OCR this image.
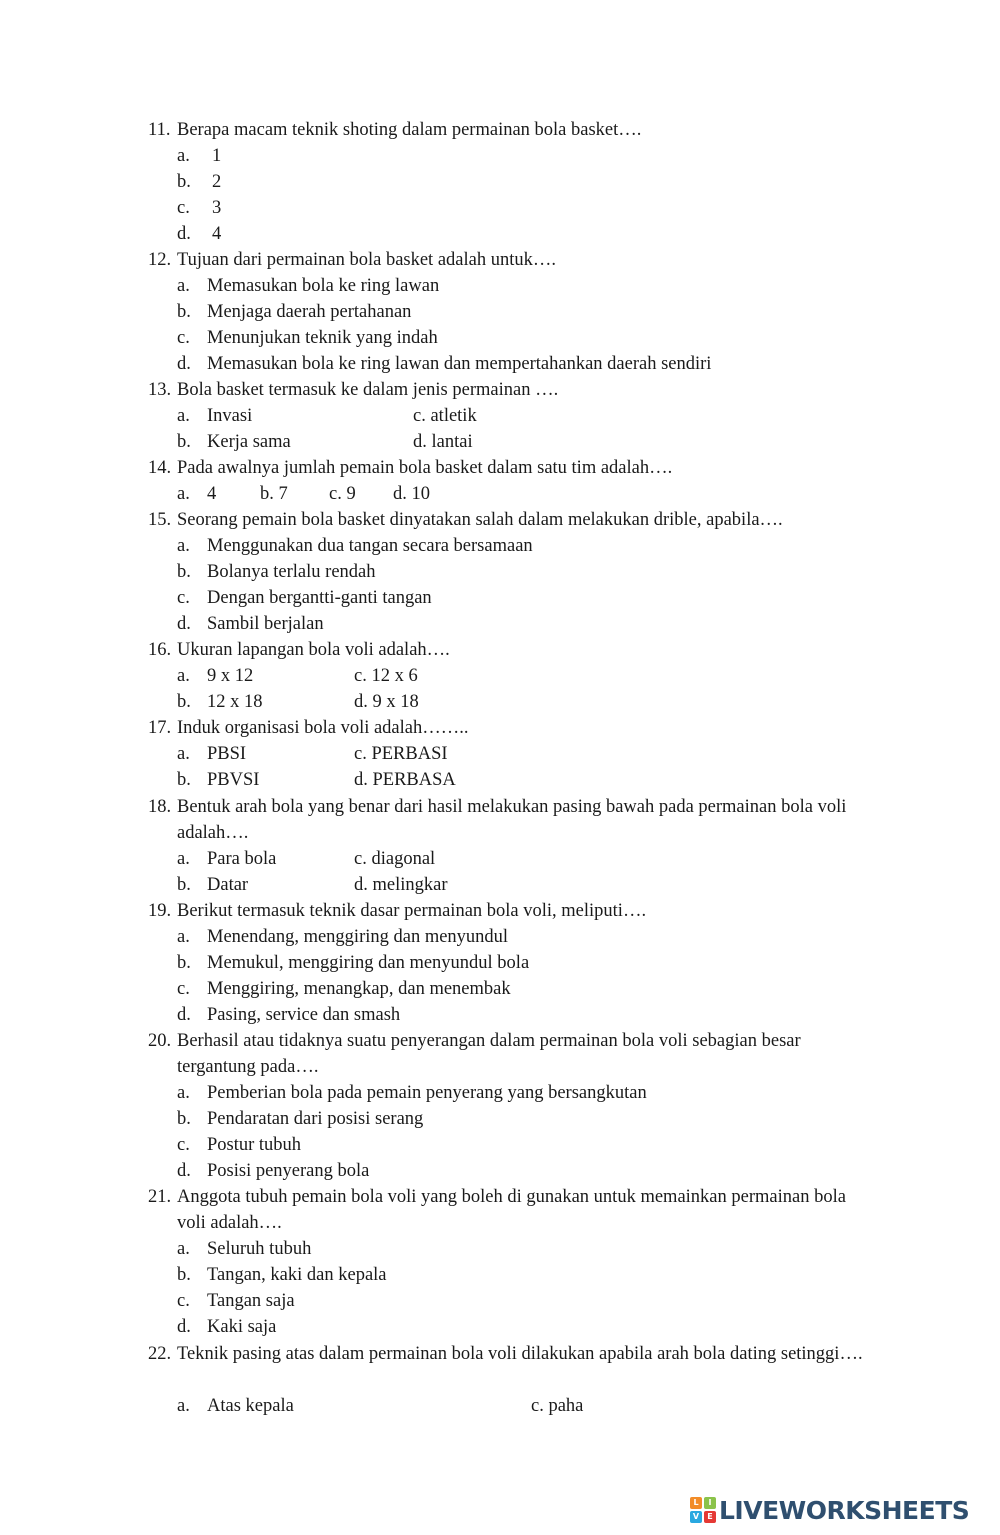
11. Berapa macam teknik shoting dalam permainan bola basket….
a. 1
b. 2
c. 3
d. 4
12. Tujuan dari permainan bola basket adalah untuk….
a. Memasukan bola ke ring lawan
b. Menjaga daerah pertahanan
c. Menunjukan teknik yang indah
d. Memasukan bola ke ring lawan dan mempertahankan daerah sendiri
13. Bola basket termasuk ke dalam jenis permainan ….
a. Invasi	c. atletik
b. Kerja sama	d. lantai
14. Pada awalnya jumlah pemain bola basket dalam satu tim adalah….
a. 4 b. 7 c. 9 d. 10
15. Seorang pemain bola basket dinyatakan salah dalam melakukan drible, apabila….
a. Menggunakan dua tangan secara bersamaan
b. Bolanya terlalu rendah
c. Dengan bergantti-ganti tangan
d. Sambil berjalan
16. Ukuran lapangan bola voli adalah….
a. 9 x 12	c. 12 x 6
b. 12 x 18	d. 9 x 18
17. Induk organisasi bola voli adalah……..
a. PBSI	c. PERBASI
b. PBVSI	d. PERBASA
18. Bentuk arah bola yang benar dari hasil melakukan pasing bawah pada permainan bola voli adalah….
a. Para bola	c. diagonal
b. Datar	d. melingkar
19. Berikut termasuk teknik dasar permainan bola voli, meliputi….
a. Menendang, menggiring dan menyundul
b. Memukul, menggiring dan menyundul bola
c. Menggiring, menangkap, dan menembak
d. Pasing, service dan smash
20. Berhasil atau tidaknya suatu penyerangan dalam permainan bola voli sebagian besar tergantung pada….
a. Pemberian bola pada pemain penyerang yang bersangkutan
b. Pendaratan dari posisi serang
c. Postur tubuh
d. Posisi penyerang bola
21. Anggota tubuh pemain bola voli yang boleh di gunakan untuk memainkan permainan bola voli adalah….
a. Seluruh tubuh
b. Tangan, kaki dan kepala
c. Tangan saja
d. Kaki saja
22. Teknik pasing atas dalam permainan bola voli dilakukan apabila arah bola dating setinggi….
a. Atas kepala	c. paha
L	I
V	E LIVEWORKSHEETS
